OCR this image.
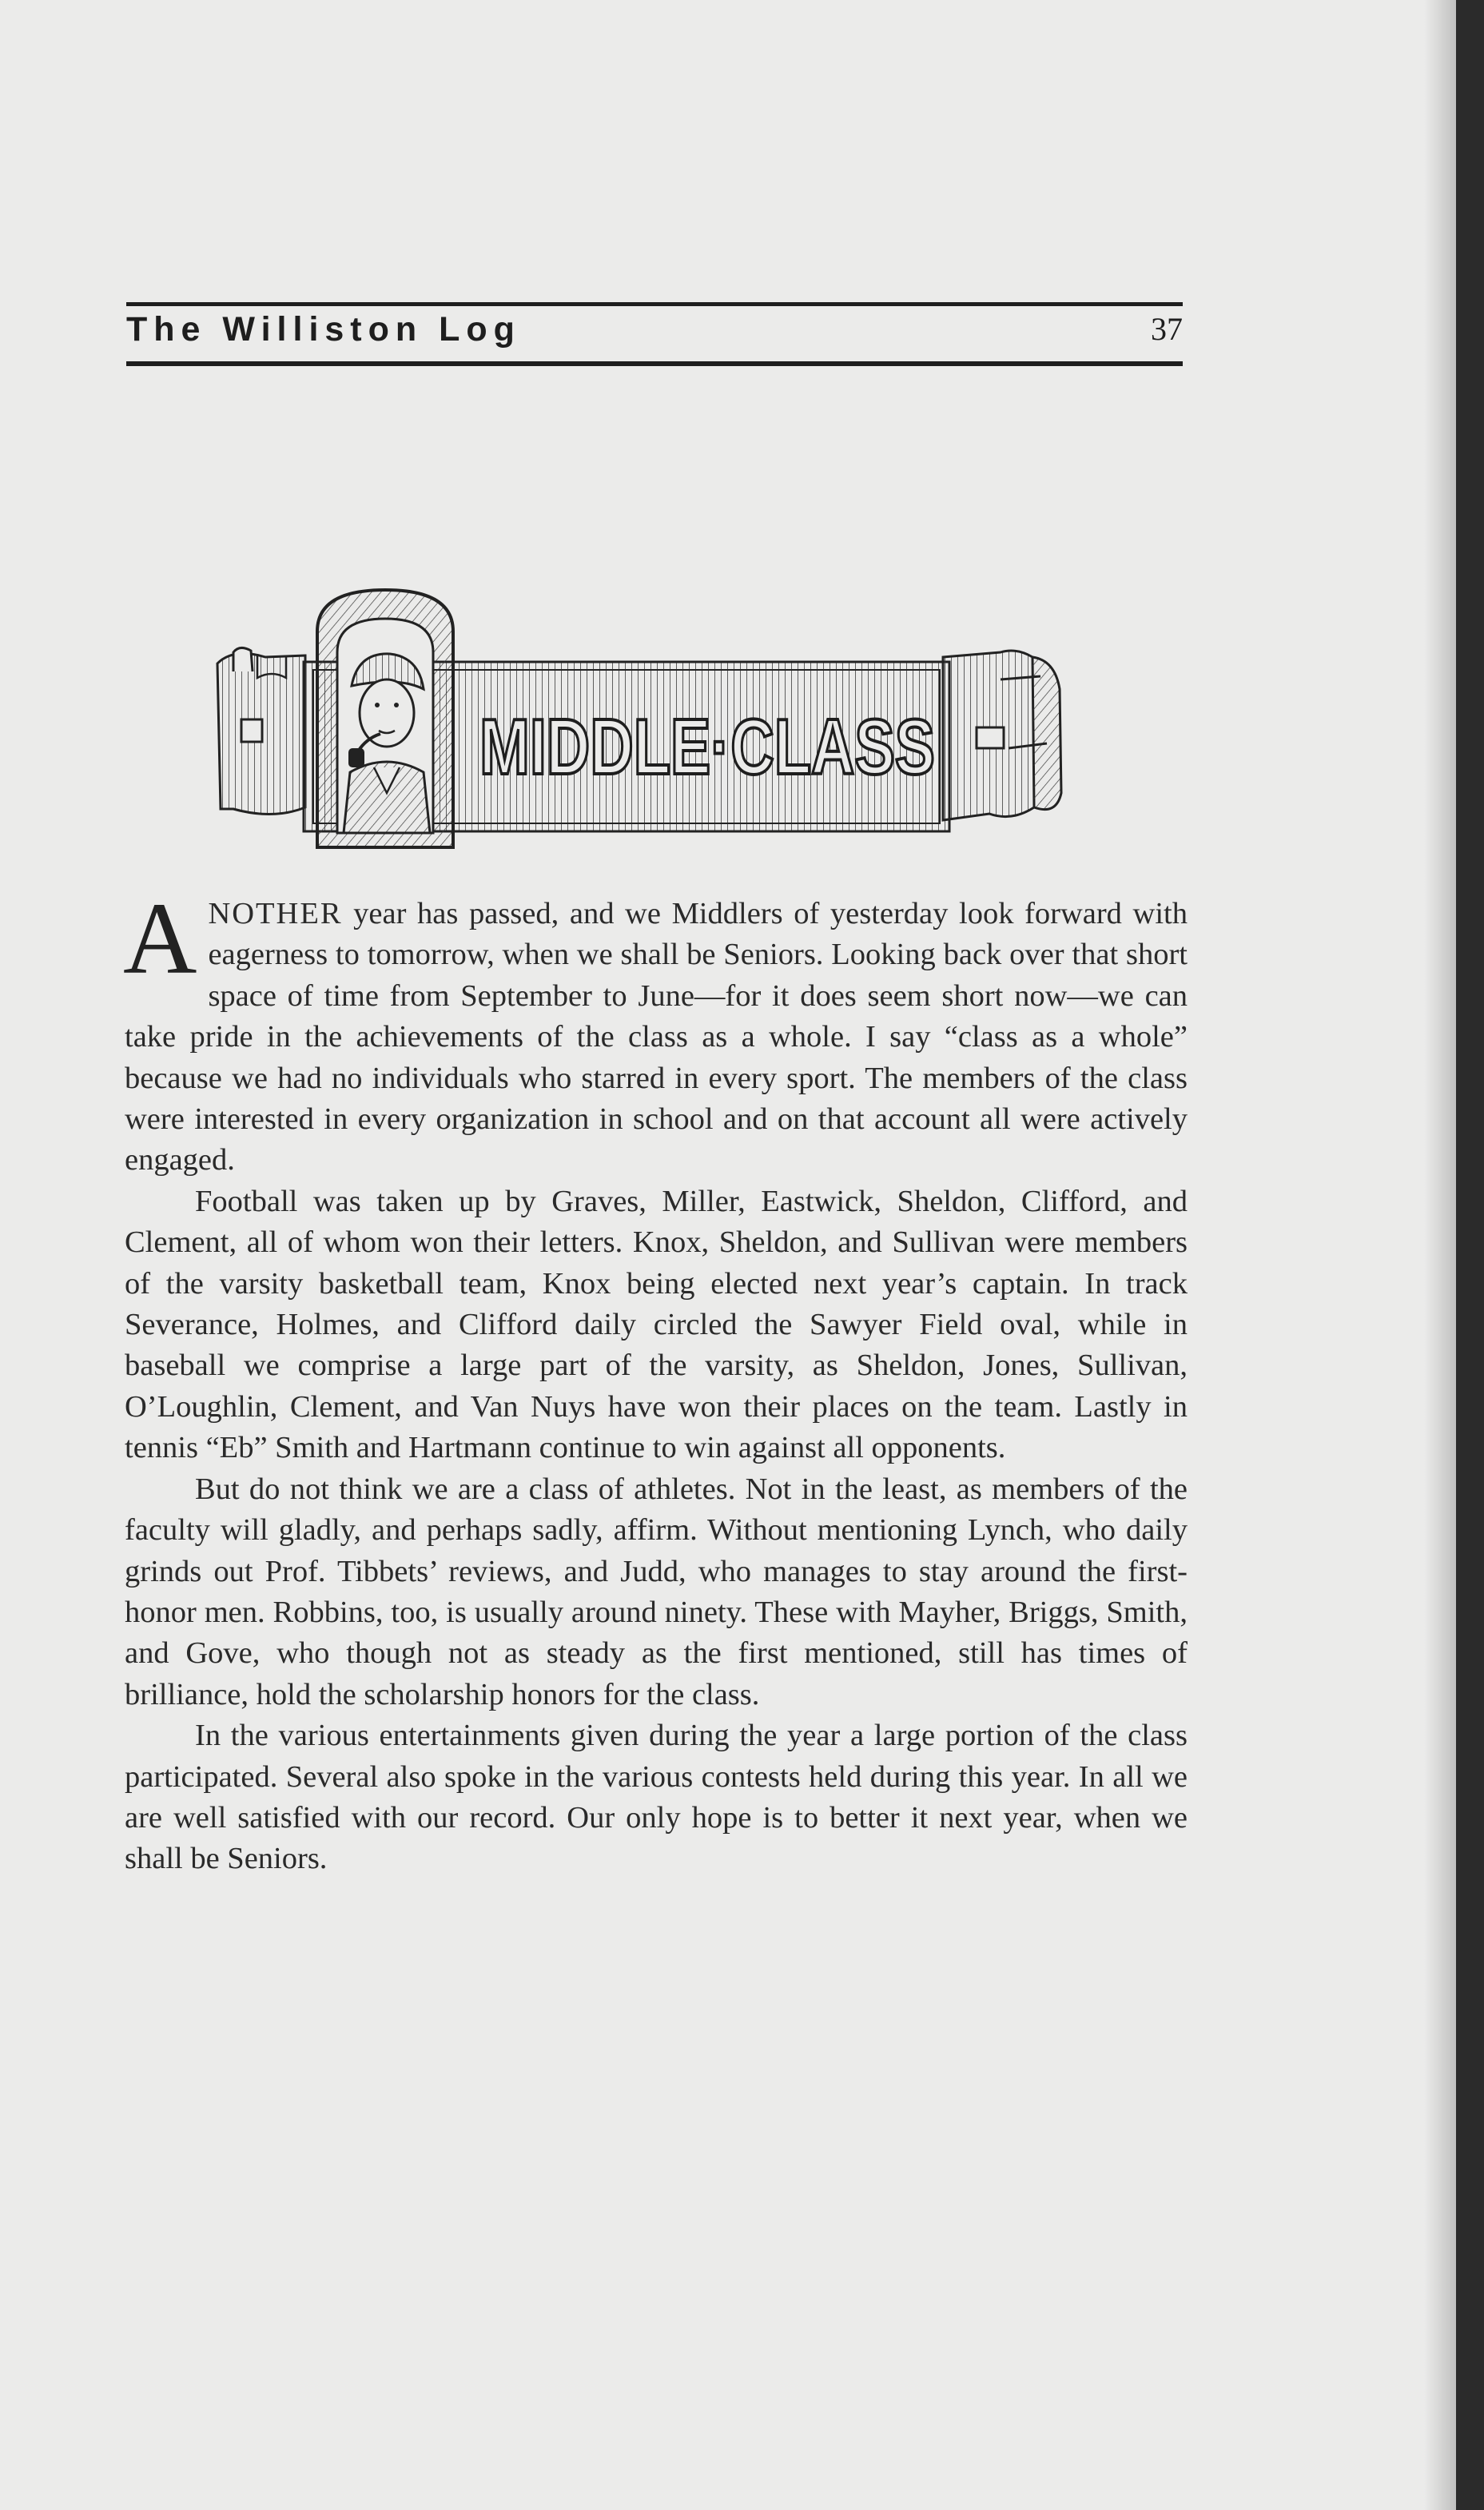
The Williston Log	37
MIDDLE·CLASS

ANOTHER year has passed, and we Middlers of yesterday look forward with eagerness to tomorrow, when we shall be Seniors. Looking back over that short space of time from September to June—for it does seem short now—we can take pride in the achievements of the class as a whole. I say “class as a whole” because we had no individuals who starred in every sport. The members of the class were interested in every organization in school and on that account all were actively engaged.

Football was taken up by Graves, Miller, Eastwick, Sheldon, Clifford, and Clement, all of whom won their letters. Knox, Sheldon, and Sullivan were members of the varsity basketball team, Knox being elected next year’s captain. In track Severance, Holmes, and Clifford daily circled the Sawyer Field oval, while in baseball we comprise a large part of the varsity, as Sheldon, Jones, Sullivan, O’Loughlin, Clement, and Van Nuys have won their places on the team. Lastly in tennis “Eb” Smith and Hartmann continue to win against all opponents.

But do not think we are a class of athletes. Not in the least, as members of the faculty will gladly, and perhaps sadly, affirm. Without mentioning Lynch, who daily grinds out Prof. Tibbets’ reviews, and Judd, who manages to stay around the first-honor men. Robbins, too, is usually around ninety. These with Mayher, Briggs, Smith, and Gove, who though not as steady as the first mentioned, still has times of brilliance, hold the scholarship honors for the class.

In the various entertainments given during the year a large portion of the class participated. Several also spoke in the various contests held during this year. In all we are well satisfied with our record. Our only hope is to better it next year, when we shall be Seniors.
